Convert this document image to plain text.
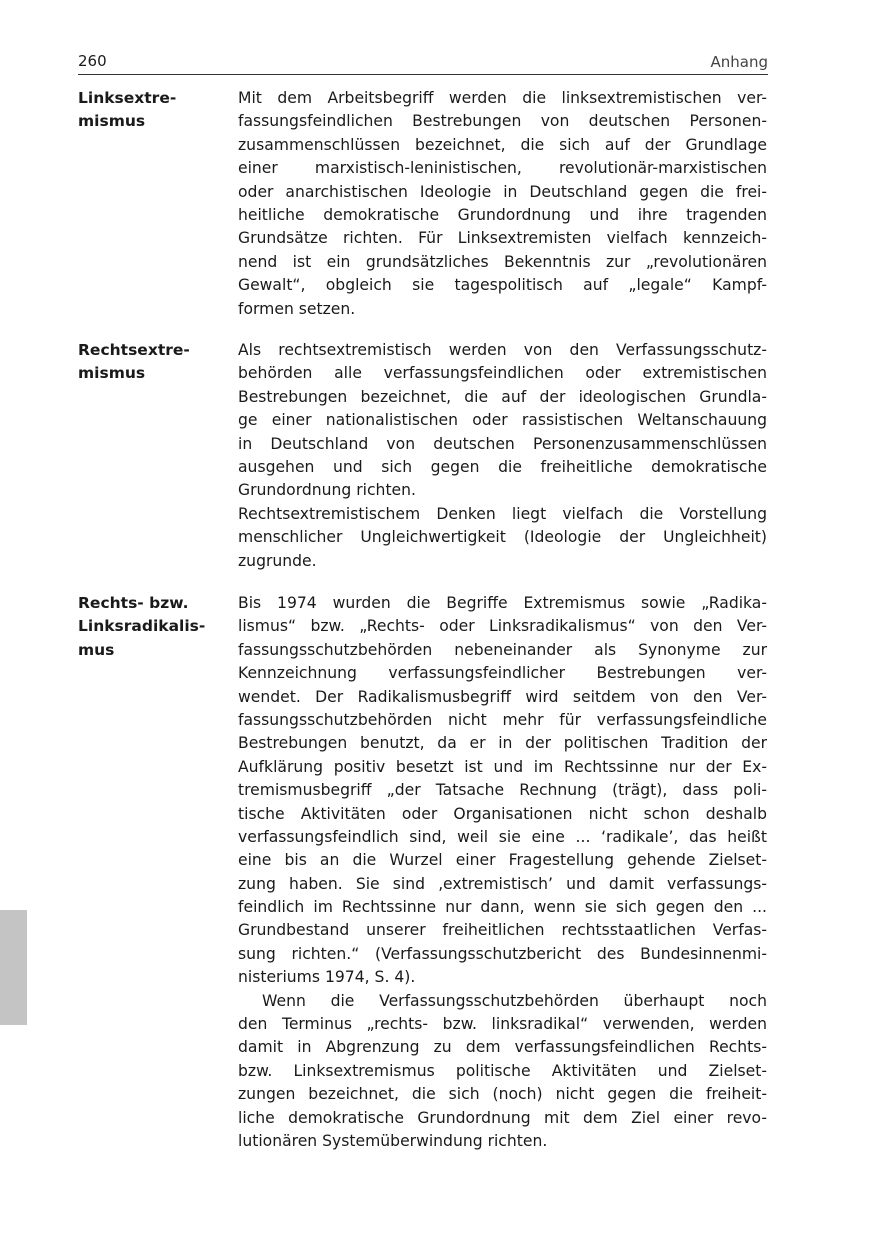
260	Anhang
Linksextre-
mismus
Mit dem Arbeitsbegriff werden die linksextremistischen ver-
fassungsfeindlichen Bestrebungen von deutschen Personen-
zusammenschlüssen bezeichnet, die sich auf der Grundlage
einer marxistisch-leninistischen, revolutionär-marxistischen
oder anarchistischen Ideologie in Deutschland gegen die frei-
heitliche demokratische Grundordnung und ihre tragenden
Grundsätze richten. Für Linksextremisten vielfach kennzeich-
nend ist ein grundsätzliches Bekenntnis zur „revolutionären
Gewalt“, obgleich sie tagespolitisch auf „legale“ Kampf-
formen setzen.
Rechtsextre-
mismus
Als rechtsextremistisch werden von den Verfassungsschutz-
behörden alle verfassungsfeindlichen oder extremistischen
Bestrebungen bezeichnet, die auf der ideologischen Grundla-
ge einer nationalistischen oder rassistischen Weltanschauung
in Deutschland von deutschen Personenzusammenschlüssen
ausgehen und sich gegen die freiheitliche demokratische
Grundordnung richten.
Rechtsextremistischem Denken liegt vielfach die Vorstellung
menschlicher Ungleichwertigkeit (Ideologie der Ungleichheit)
zugrunde.
Rechts- bzw.
Linksradikalis-
mus
Bis 1974 wurden die Begriffe Extremismus sowie „Radika-
lismus“ bzw. „Rechts- oder Linksradikalismus“ von den Ver-
fassungsschutzbehörden nebeneinander als Synonyme zur
Kennzeichnung verfassungsfeindlicher Bestrebungen ver-
wendet. Der Radikalismusbegriff wird seitdem von den Ver-
fassungsschutzbehörden nicht mehr für verfassungsfeindliche
Bestrebungen benutzt, da er in der politischen Tradition der
Aufklärung positiv besetzt ist und im Rechtssinne nur der Ex-
tremismusbegriff „der Tatsache Rechnung (trägt), dass poli-
tische Aktivitäten oder Organisationen nicht schon deshalb
verfassungsfeindlich sind, weil sie eine ... ‘radikale’, das heißt
eine bis an die Wurzel einer Fragestellung gehende Zielset-
zung haben. Sie sind ‚extremistisch’ und damit verfassungs-
feindlich im Rechtssinne nur dann, wenn sie sich gegen den ...
Grundbestand unserer freiheitlichen rechtsstaatlichen Verfas-
sung richten.“ (Verfassungsschutzbericht des Bundesinnenmi-
nisteriums 1974, S. 4).
Wenn die Verfassungsschutzbehörden überhaupt noch
den Terminus „rechts- bzw. linksradikal“ verwenden, werden
damit in Abgrenzung zu dem verfassungsfeindlichen Rechts-
bzw. Linksextremismus politische Aktivitäten und Zielset-
zungen bezeichnet, die sich (noch) nicht gegen die freiheit-
liche demokratische Grundordnung mit dem Ziel einer revo-
lutionären Systemüberwindung richten.
